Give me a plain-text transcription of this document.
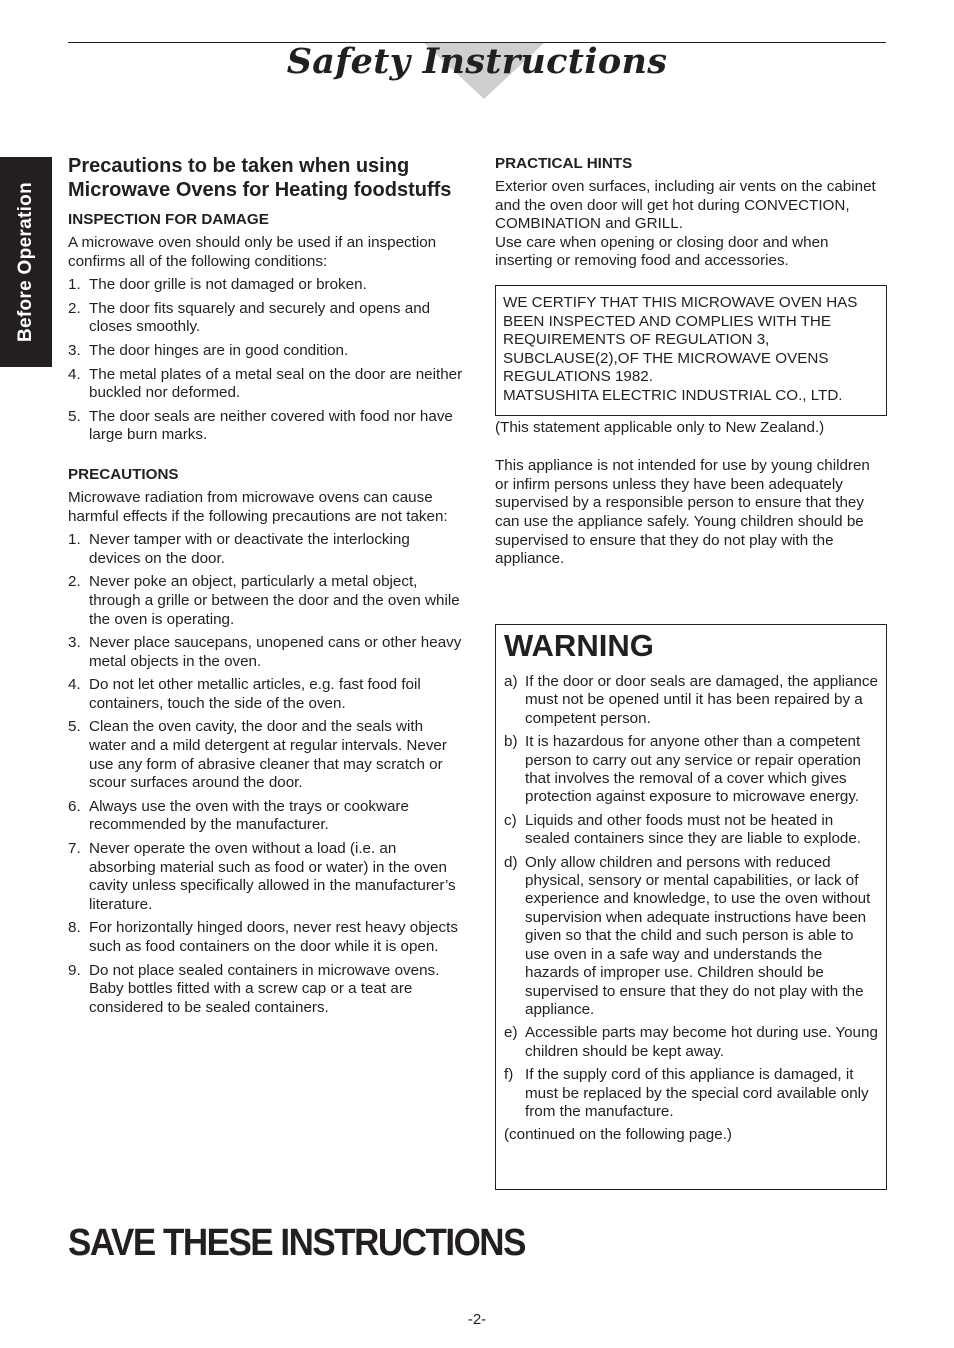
Safety Instructions
Before Operation
Precautions to be taken when using Microwave Ovens for Heating foodstuffs
INSPECTION FOR DAMAGE

A microwave oven should only be used if an inspection confirms all of the following conditions:

1. The door grille is not damaged or broken.
2. The door fits squarely and securely and opens and closes smoothly.
3. The door hinges are in good condition.
4. The metal plates of a metal seal on the door are neither buckled nor deformed.
5. The door seals are neither covered with food nor have large burn marks.
PRECAUTIONS

Microwave radiation from microwave ovens can cause harmful effects if the following precautions are not taken:

1. Never tamper with or deactivate the interlocking devices on the door.
2. Never poke an object, particularly a metal object, through a grille or between the door and the oven while the oven is operating.
3. Never place saucepans, unopened cans or other heavy metal objects in the oven.
4. Do not let other metallic articles, e.g. fast food foil containers, touch the side of the oven.
5. Clean the oven cavity, the door and the seals with water and a mild detergent at regular intervals. Never use any form of abrasive cleaner that may scratch or scour surfaces around the door.
6. Always use the oven with the trays or cookware recommended by the manufacturer.
7. Never operate the oven without a load (i.e. an absorbing material such as food or water) in the oven cavity unless specifically allowed in the manufacturer’s literature.
8. For horizontally hinged doors, never rest heavy objects such as food containers on the door while it is open.
9. Do not place sealed containers in microwave ovens. Baby bottles fitted with a screw cap or a teat are considered to be sealed containers.
PRACTICAL HINTS

Exterior oven surfaces, including air vents on the cabinet and the oven door will get hot during CONVECTION, COMBINATION and GRILL.

Use care when opening or closing door and when inserting or removing food and accessories.

WE CERTIFY THAT THIS MICROWAVE OVEN HAS BEEN INSPECTED AND COMPLIES WITH THE REQUIREMENTS OF REGULATION 3, SUBCLAUSE(2),OF THE MICROWAVE OVENS REGULATIONS 1982.

MATSUSHITA ELECTRIC INDUSTRIAL CO., LTD.

(This statement applicable only to New Zealand.)

This appliance is not intended for use by young children or infirm persons unless they have been adequately supervised by a responsible person to ensure that they can use the appliance safely. Young children should be supervised to ensure that they do not play with the appliance.

WARNING
a) If the door or door seals are damaged, the appliance must not be opened until it has been repaired by a competent person.
b) It is hazardous for anyone other than a competent person to carry out any service or repair operation that involves the removal of a cover which gives protection against exposure to microwave energy.
c) Liquids and other foods must not be heated in sealed containers since they are liable to explode.
d) Only allow children and persons with reduced physical, sensory or mental capabilities, or lack of experience and knowledge, to use the oven without supervision when adequate instructions have been given so that the child and such person is able to use oven in a safe way and understands the hazards of improper use. Children should be supervised to ensure that they do not play with the appliance.
e) Accessible parts may become hot during use. Young children should be kept away.
f) If the supply cord of this appliance is damaged, it must be replaced by the special cord available only from the manufacture.

(continued on the following page.)

SAVE THESE INSTRUCTIONS
-2-
